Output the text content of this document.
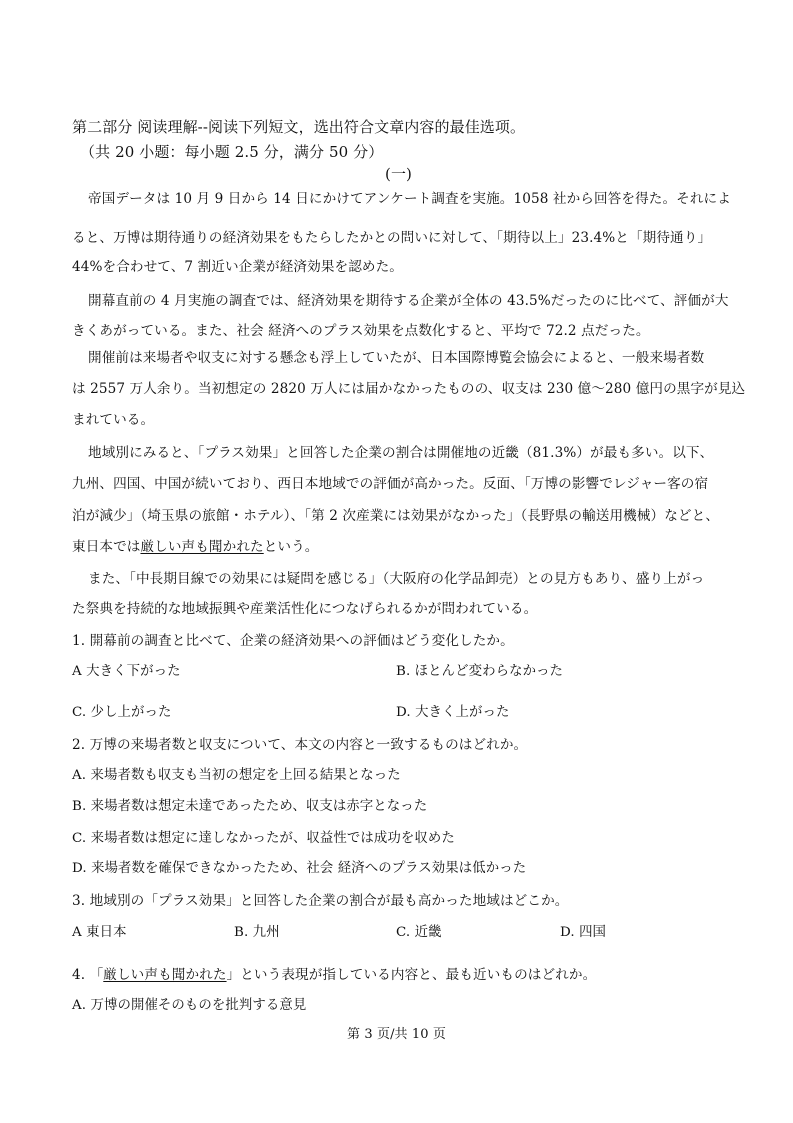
第二部分 阅读理解--阅读下列短文，选出符合文章内容的最佳选项。
（共 20 小题：每小题 2.5 分，满分 50 分）
(一)
帝国データは 10 月 9 日から 14 日にかけてアンケート調査を実施。1058 社から回答を得た。それによ
ると、万博は期待通りの経済効果をもたらしたかとの問いに対して、「期待以上」23.4%と「期待通り」
44%を合わせて、7 割近い企業が経済効果を認めた。
開幕直前の 4 月実施の調査では、経済効果を期待する企業が全体の 43.5%だったのに比べて、評価が大
きくあがっている。また、社会 経済へのプラス効果を点数化すると、平均で 72.2 点だった。
開催前は来場者や収支に対する懸念も浮上していたが、日本国際博覧会協会によると、一般来場者数
は 2557 万人余り。当初想定の 2820 万人には届かなかったものの、収支は 230 億～280 億円の黒字が見込
まれている。
地域別にみると、「プラス効果」と回答した企業の割合は開催地の近畿（81.3%）が最も多い。以下、
九州、四国、中国が続いており、西日本地域での評価が高かった。反面、「万博の影響でレジャー客の宿
泊が減少」（埼玉県の旅館・ホテル）、「第 2 次産業には効果がなかった」（長野県の輸送用機械）などと、
東日本では厳しい声も聞かれたという。
また、「中長期目線での効果には疑問を感じる」（大阪府の化学品卸売）との見方もあり、盛り上がっ
た祭典を持続的な地域振興や産業活性化につなげられるかが問われている。
1. 開幕前の調査と比べて、企業の経済効果への評価はどう変化したか。
A 大きく下がった	B. ほとんど変わらなかった
C. 少し上がった	D. 大きく上がった
2. 万博の来場者数と収支について、本文の内容と一致するものはどれか。
A. 来場者数も収支も当初の想定を上回る結果となった
B. 来場者数は想定未達であったため、収支は赤字となった
C. 来場者数は想定に達しなかったが、収益性では成功を収めた
D. 来場者数を確保できなかったため、社会 経済へのプラス効果は低かった
3. 地域別の「プラス効果」と回答した企業の割合が最も高かった地域はどこか。
A 東日本	B. 九州	C. 近畿	D. 四国
4. 「厳しい声も聞かれた」という表現が指している内容と、最も近いものはどれか。
A. 万博の開催そのものを批判する意見
第 3 页/共 10 页
